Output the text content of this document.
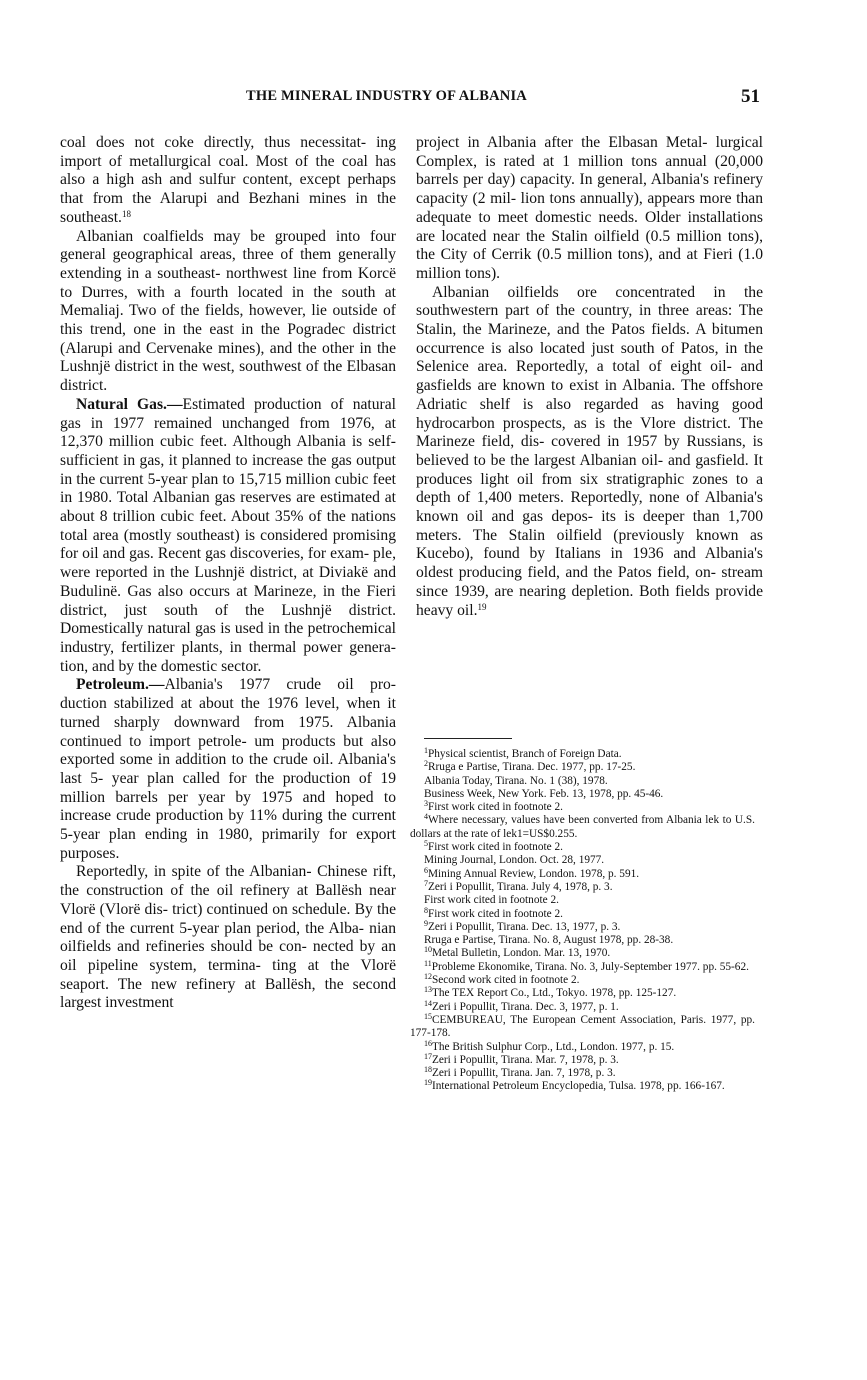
THE MINERAL INDUSTRY OF ALBANIA	51

coal does not coke directly, thus necessitat- ing import of metallurgical coal. Most of the coal has also a high ash and sulfur content, except perhaps that from the Alarupi and Bezhani mines in the southeast.$^{18}$

Albanian coalfields may be grouped into four general geographical areas, three of them generally extending in a southeast- northwest line from Korcë to Durres, with a fourth located in the south at Memaliaj. Two of the fields, however, lie outside of this trend, one in the east in the Pogradec district (Alarupi and Cervenake mines), and the other in the Lushnjë district in the west, southwest of the Elbasan district.

Natural Gas.—Estimated production of natural gas in 1977 remained unchanged from 1976, at 12,370 million cubic feet. Although Albania is self-sufficient in gas, it planned to increase the gas output in the current 5-year plan to 15,715 million cubic feet in 1980. Total Albanian gas reserves are estimated at about 8 trillion cubic feet. About 35% of the nations total area (mostly southeast) is considered promising for oil and gas. Recent gas discoveries, for exam- ple, were reported in the Lushnjë district, at Diviakë and Budulinë. Gas also occurs at Marineze, in the Fieri district, just south of the Lushnjë district. Domestically natural gas is used in the petrochemical industry, fertilizer plants, in thermal power genera- tion, and by the domestic sector.

Petroleum.—Albania's 1977 crude oil pro- duction stabilized at about the 1976 level, when it turned sharply downward from 1975. Albania continued to import petrole- um products but also exported some in addition to the crude oil. Albania's last 5- year plan called for the production of 19 million barrels per year by 1975 and hoped to increase crude production by 11% during the current 5-year plan ending in 1980, primarily for export purposes.

Reportedly, in spite of the Albanian- Chinese rift, the construction of the oil refinery at Ballësh near Vlorë (Vlorë dis- trict) continued on schedule. By the end of the current 5-year plan period, the Alba- nian oilfields and refineries should be con- nected by an oil pipeline system, termina- ting at the Vlorë seaport. The new refinery at Ballësh, the second largest investment

project in Albania after the Elbasan Metal- lurgical Complex, is rated at 1 million tons annual (20,000 barrels per day) capacity. In general, Albania's refinery capacity (2 mil- lion tons annually), appears more than adequate to meet domestic needs. Older installations are located near the Stalin oilfield (0.5 million tons), the City of Cerrik (0.5 million tons), and at Fieri (1.0 million tons).

Albanian oilfields ore concentrated in the southwestern part of the country, in three areas: The Stalin, the Marineze, and the Patos fields. A bitumen occurrence is also located just south of Patos, in the Selenice area. Reportedly, a total of eight oil- and gasfields are known to exist in Albania. The offshore Adriatic shelf is also regarded as having good hydrocarbon prospects, as is the Vlore district. The Marineze field, dis- covered in 1957 by Russians, is believed to be the largest Albanian oil- and gasfield. It produces light oil from six stratigraphic zones to a depth of 1,400 meters. Reportedly, none of Albania's known oil and gas depos- its is deeper than 1,700 meters. The Stalin oilfield (previously known as Kucebo), found by Italians in 1936 and Albania's oldest producing field, and the Patos field, on- stream since 1939, are nearing depletion. Both fields provide heavy oil.$^{19}$

$^1$Physical scientist, Branch of Foreign Data.
$^2$Rruga e Partise, Tirana. Dec. 1977, pp. 17-25.
Albania Today, Tirana. No. 1 (38), 1978.
Business Week, New York. Feb. 13, 1978, pp. 45-46.
$^3$First work cited in footnote 2.
$^4$Where necessary, values have been converted from Albania lek to U.S. dollars at the rate of lek1=US$0.255.
$^5$First work cited in footnote 2.
Mining Journal, London. Oct. 28, 1977.
$^6$Mining Annual Review, London. 1978, p. 591.
$^7$Zeri i Popullit, Tirana. July 4, 1978, p. 3.
First work cited in footnote 2.
$^8$First work cited in footnote 2.
$^9$Zeri i Popullit, Tirana. Dec. 13, 1977, p. 3.
Rruga e Partise, Tirana. No. 8, August 1978, pp. 28-38.
$^{10}$Metal Bulletin, London. Mar. 13, 1970.
$^{11}$Probleme Ekonomike, Tirana. No. 3, July-September 1977. pp. 55-62.
$^{12}$Second work cited in footnote 2.
$^{13}$The TEX Report Co., Ltd., Tokyo. 1978, pp. 125-127.
$^{14}$Zeri i Popullit, Tirana. Dec. 3, 1977, p. 1.
$^{15}$CEMBUREAU, The European Cement Association, Paris. 1977, pp. 177-178.
$^{16}$The British Sulphur Corp., Ltd., London. 1977, p. 15.
$^{17}$Zeri i Popullit, Tirana. Mar. 7, 1978, p. 3.
$^{18}$Zeri i Popullit, Tirana. Jan. 7, 1978, p. 3.
$^{19}$International Petroleum Encyclopedia, Tulsa. 1978, pp. 166-167.
